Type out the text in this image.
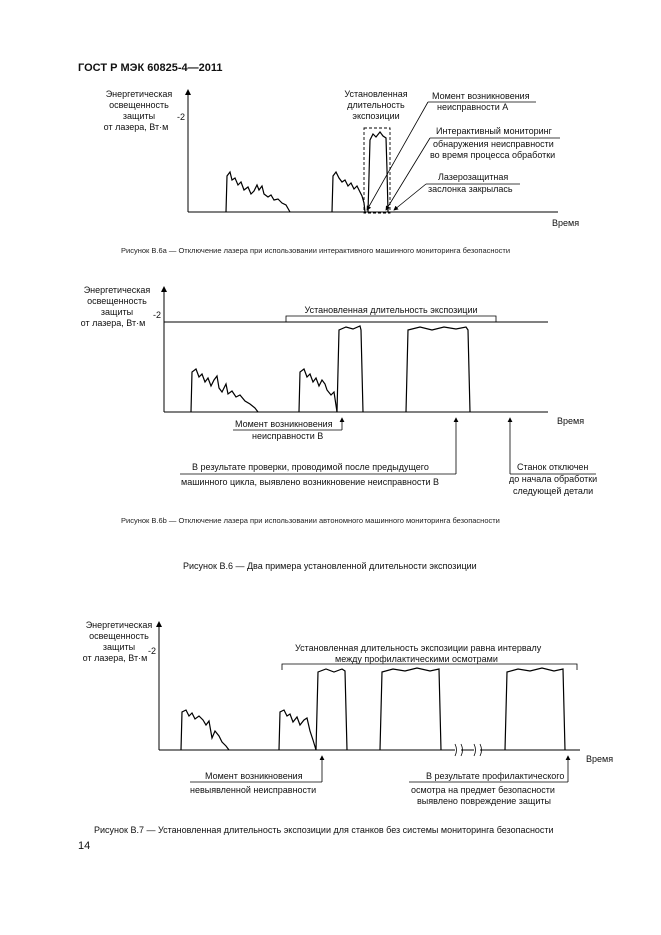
ГОСТ Р МЭК 60825-4—2011
Энергетическая
освещенность
защиты
от лазера, Вт·м
-2
Время
Установленная
длительность
экспозиции
Момент возникновения
неисправности А
Интерактивный мониторинг
обнаружения неисправности
во время процесса обработки
Лазерозащитная
заслонка закрылась
Энергетическая
освещенность
защиты
от лазера, Вт·м
-2
Время
Установленная длительность экспозиции
Момент возникновения
неисправности В
В результате проверки, проводимой после предыдущего
машинного цикла, выявлено возникновение неисправности В
Станок отключен
до начала обработки
следующей детали
Энергетическая
освещенность
защиты
от лазера, Вт·м
-2
Время
Установленная длительность экспозиции равна интервалу
между профилактическими осмотрами
Момент возникновения
невыявленной неисправности
В результате профилактического
осмотра на предмет безопасности
выявлено повреждение защиты
Рисунок В.6а — Отключение лазера при использовании интерактивного машинного мониторинга безопасности
Рисунок В.6b — Отключение лазера при использовании автономного машинного мониторинга безопасности
Рисунок В.6 — Два примера установленной длительности экспозиции
Рисунок В.7 — Установленная длительность экспозиции для станков без системы мониторинга безопасности
14
